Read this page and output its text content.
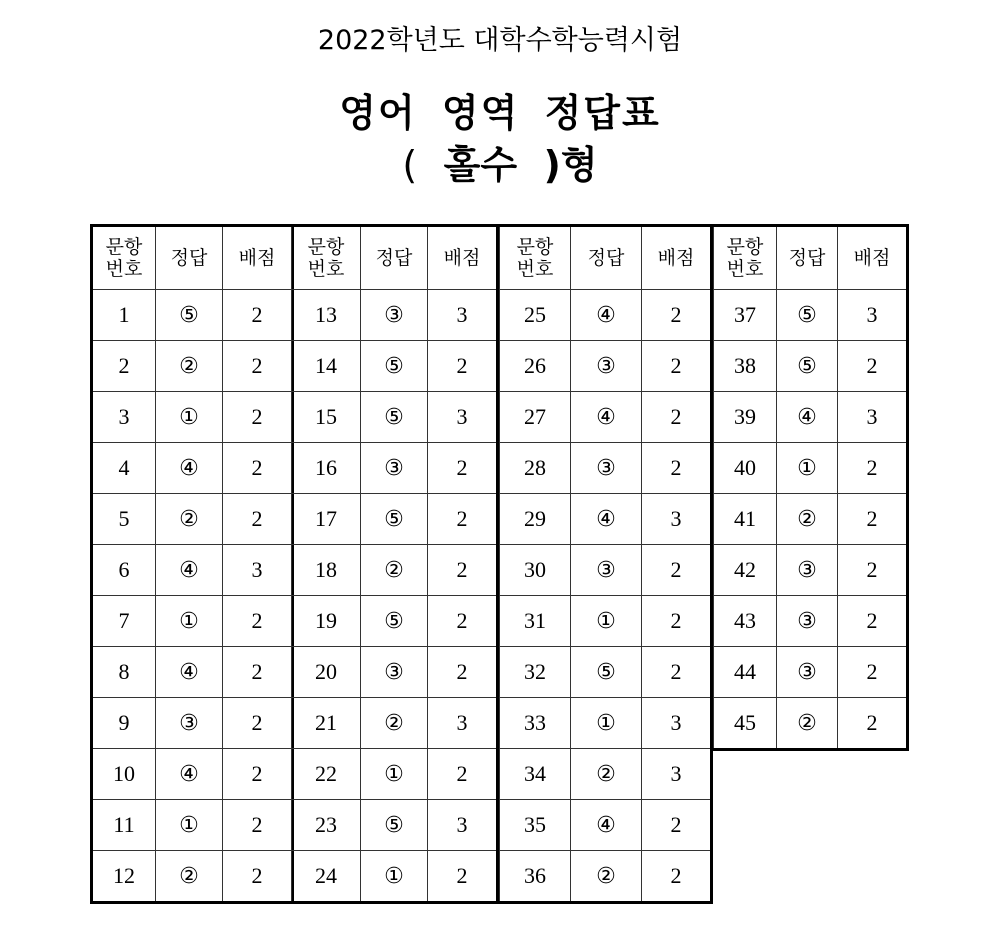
2022학년도 대학수학능력시험
영어 영역 정답표
( 홀수 )형
문항
번호	정답	배점
1	⑤	2
2	②	2
3	①	2
4	④	2
5	②	2
6	④	3
7	①	2
8	④	2
9	③	2
10	④	2
11	①	2
12	②	2
문항
번호	정답	배점
13	③	3
14	⑤	2
15	⑤	3
16	③	2
17	⑤	2
18	②	2
19	⑤	2
20	③	2
21	②	3
22	①	2
23	⑤	3
24	①	2
문항
번호	정답	배점
25	④	2
26	③	2
27	④	2
28	③	2
29	④	3
30	③	2
31	①	2
32	⑤	2
33	①	3
34	②	3
35	④	2
36	②	2
문항
번호	정답	배점
37	⑤	3
38	⑤	2
39	④	3
40	①	2
41	②	2
42	③	2
43	③	2
44	③	2
45	②	2
